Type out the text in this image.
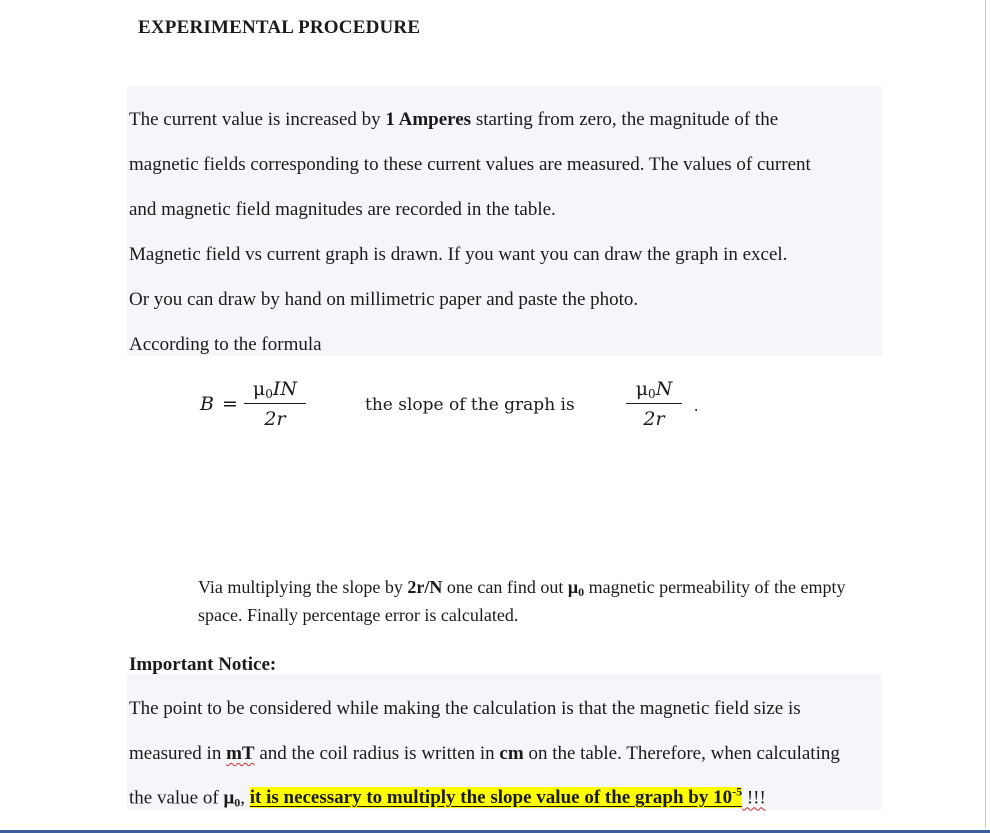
EXPERIMENTAL PROCEDURE
The current value is increased by 1 Amperes starting from zero, the magnitude of the
magnetic fields corresponding to these current values are measured. The values of current
and magnetic field magnitudes are recorded in the table.
Magnetic field vs current graph is drawn. If you want you can draw the graph in excel.
Or you can draw by hand on millimetric paper and paste the photo.
According to the formula
B =
$\mu_0IN$
2r
the slope of the graph is
$\mu_0N$
2r
.
Via multiplying the slope by 2r/N one can find out $\mu_0$ magnetic permeability of the empty space. Finally percentage error is calculated.
Important Notice:
The point to be considered while making the calculation is that the magnetic field size is
measured in mT and the coil radius is written in cm on the table. Therefore, when calculating
the value of $\mu_0$, it is necessary to multiply the slope value of the graph by $10^{-5}$ !!!
